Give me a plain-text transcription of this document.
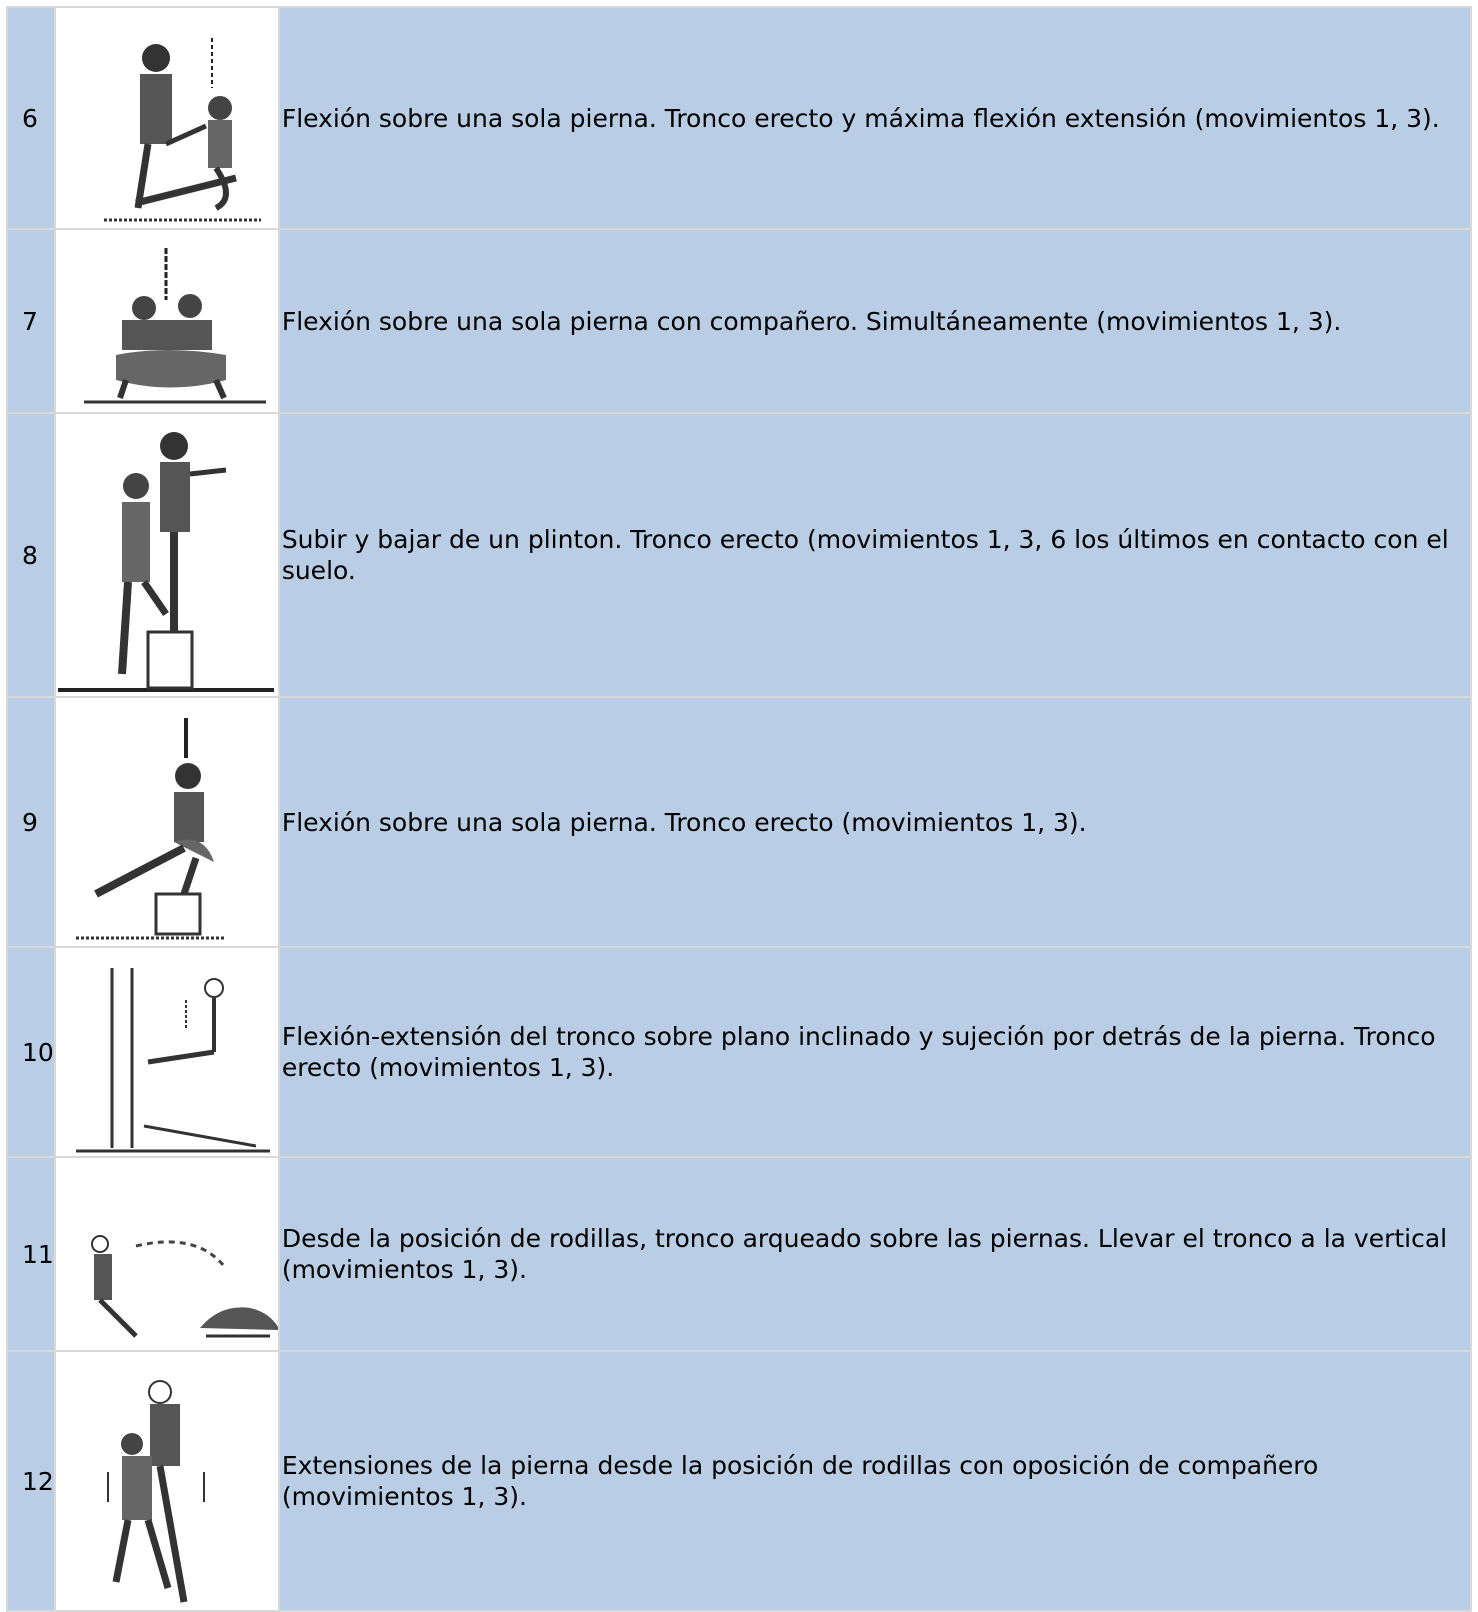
6		Flexión sobre una sola pierna. Tronco erecto y máxima flexión extensión (movimientos 1, 3).
7		Flexión sobre una sola pierna con compañero. Simultáneamente (movimientos 1, 3).
8		Subir y bajar de un plinton. Tronco erecto (movimientos 1, 3, 6 los últimos en contacto con el suelo.
9		Flexión sobre una sola pierna. Tronco erecto (movimientos 1, 3).
10		Flexión-extensión del tronco sobre plano inclinado y sujeción por detrás de la pierna. Tronco erecto (movimientos 1, 3).
11		Desde la posición de rodillas, tronco arqueado sobre las piernas. Llevar el tronco a la vertical (movimientos 1, 3).
12		Extensiones de la pierna desde la posición de rodillas con oposición de compañero (movimientos 1, 3).
